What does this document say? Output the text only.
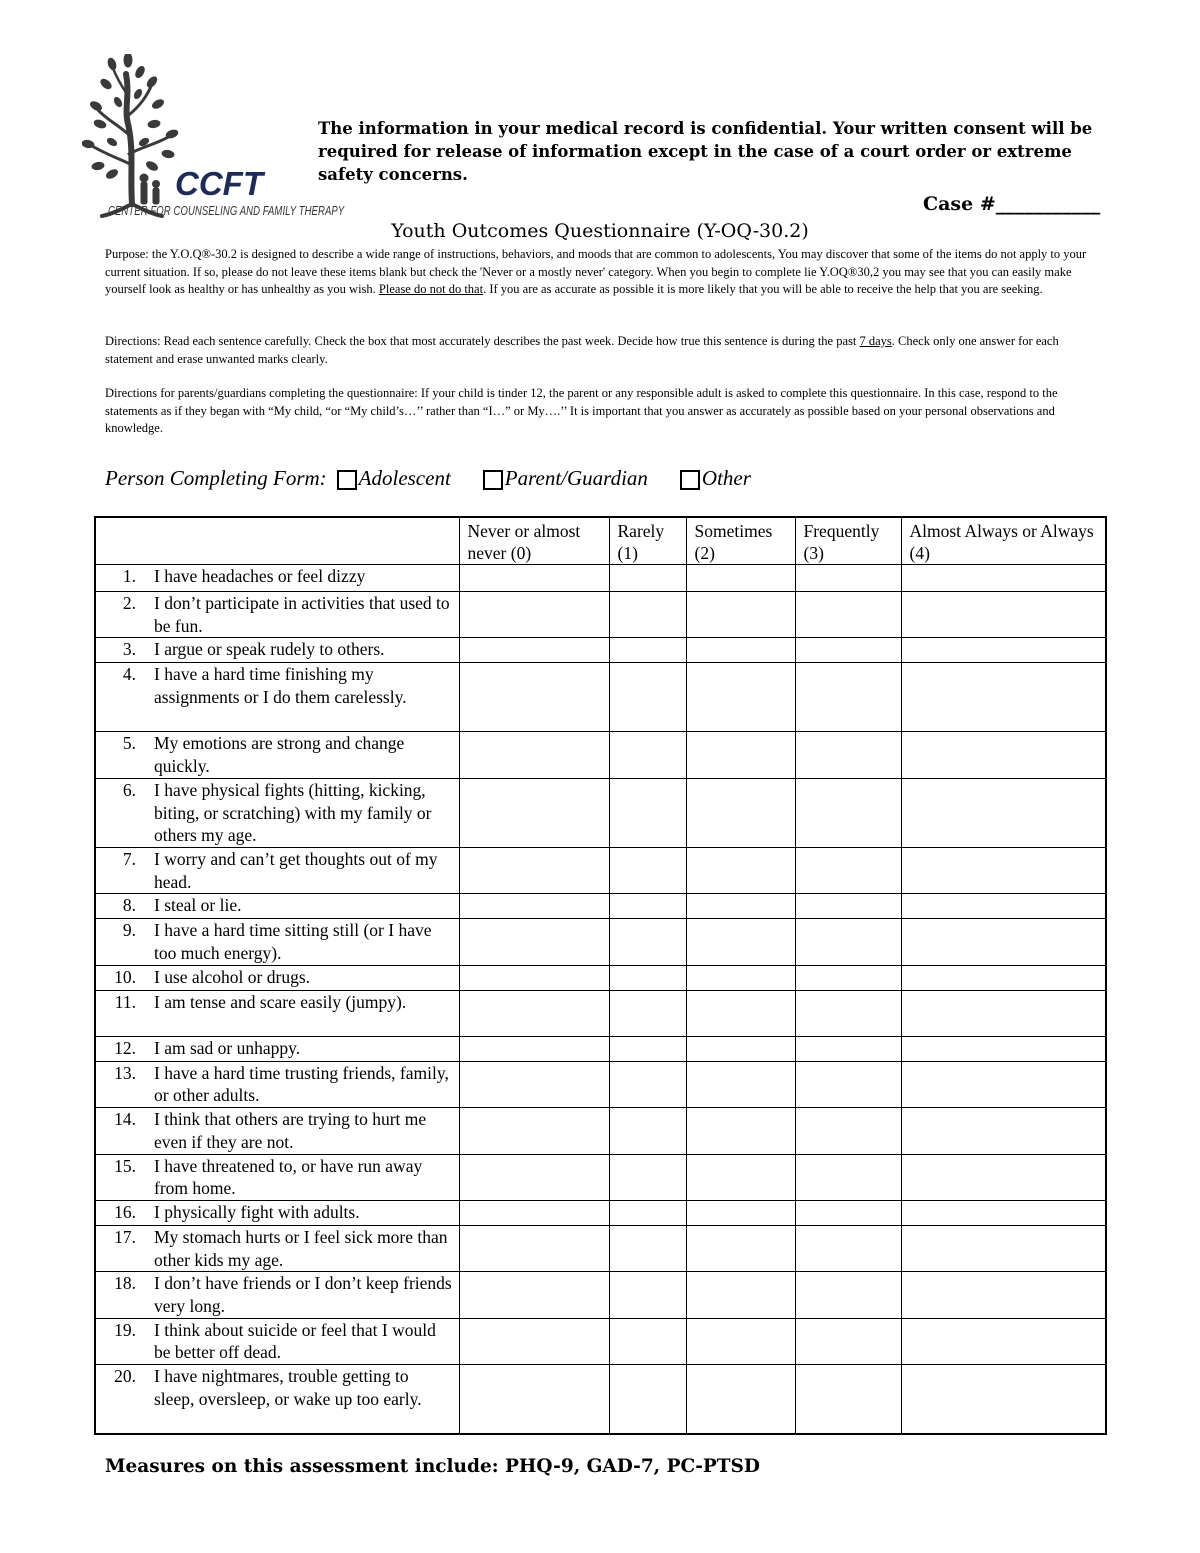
CCFT
CENTER FOR COUNSELING AND FAMILY THERAPY
The information in your medical record is confidential. Your written consent will be required for release of information except in the case of a court order or extreme safety concerns.
Case #___________
Youth Outcomes Questionnaire (Y-OQ-30.2)
Purpose: the Y.O.Q®-30.2 is designed to describe a wide range of instructions, behaviors, and moods that are common to adolescents, You may discover that some of the items do not apply to your current situation. If so, please do not leave these items blank but check the 'Never or a mostly never' category. When you begin to complete lie Y.OQ®30,2 you may see that you can easily make yourself look as healthy or has unhealthy as you wish. Please do not do that. If you are as accurate as possible it is more likely that you will be able to receive the help that you are seeking.
Directions: Read each sentence carefully. Check the box that most accurately describes the past week. Decide how true this sentence is during the past 7 days. Check only one answer for each statement and erase unwanted marks clearly.
Directions for parents/guardians completing the questionnaire: If your child is tinder 12, the parent or any responsible adult is asked to complete this questionnaire. In this case, respond to the statements as if they began with “My child, “or “My child’s…’’ rather than “I…” or My….’’ It is important that you answer as accurately as possible based on your personal observations and knowledge.
Person Completing Form: Adolescent	Parent/Guardian	Other
	Never or almost never (0)	Rarely (1)	Sometimes (2)	Frequently (3)	Almost Always or Always (4)

1. I have headaches or feel dizzy					

2. I don’t participate in activities that used to be fun.					

3. I argue or speak rudely to others.					

4. I have a hard time finishing my assignments or I do them carelessly.					

5. My emotions are strong and change quickly.					

6. I have physical fights (hitting, kicking, biting, or scratching) with my family or others my age.					

7. I worry and can’t get thoughts out of my head.					

8. I steal or lie.					

9. I have a hard time sitting still (or I have too much energy).					

10. I use alcohol or drugs.					

11. I am tense and scare easily (jumpy).					

12. I am sad or unhappy.					

13. I have a hard time trusting friends, family, or other adults.					

14. I think that others are trying to hurt me even if they are not.					

15. I have threatened to, or have run away from home.					

16. I physically fight with adults.					

17. My stomach hurts or I feel sick more than other kids my age.					

18. I don’t have friends or I don’t keep friends very long.					

19. I think about suicide or feel that I would be better off dead.					

20. I have nightmares, trouble getting to sleep, oversleep, or wake up too early.					

Measures on this assessment include: PHQ-9, GAD-7, PC-PTSD
